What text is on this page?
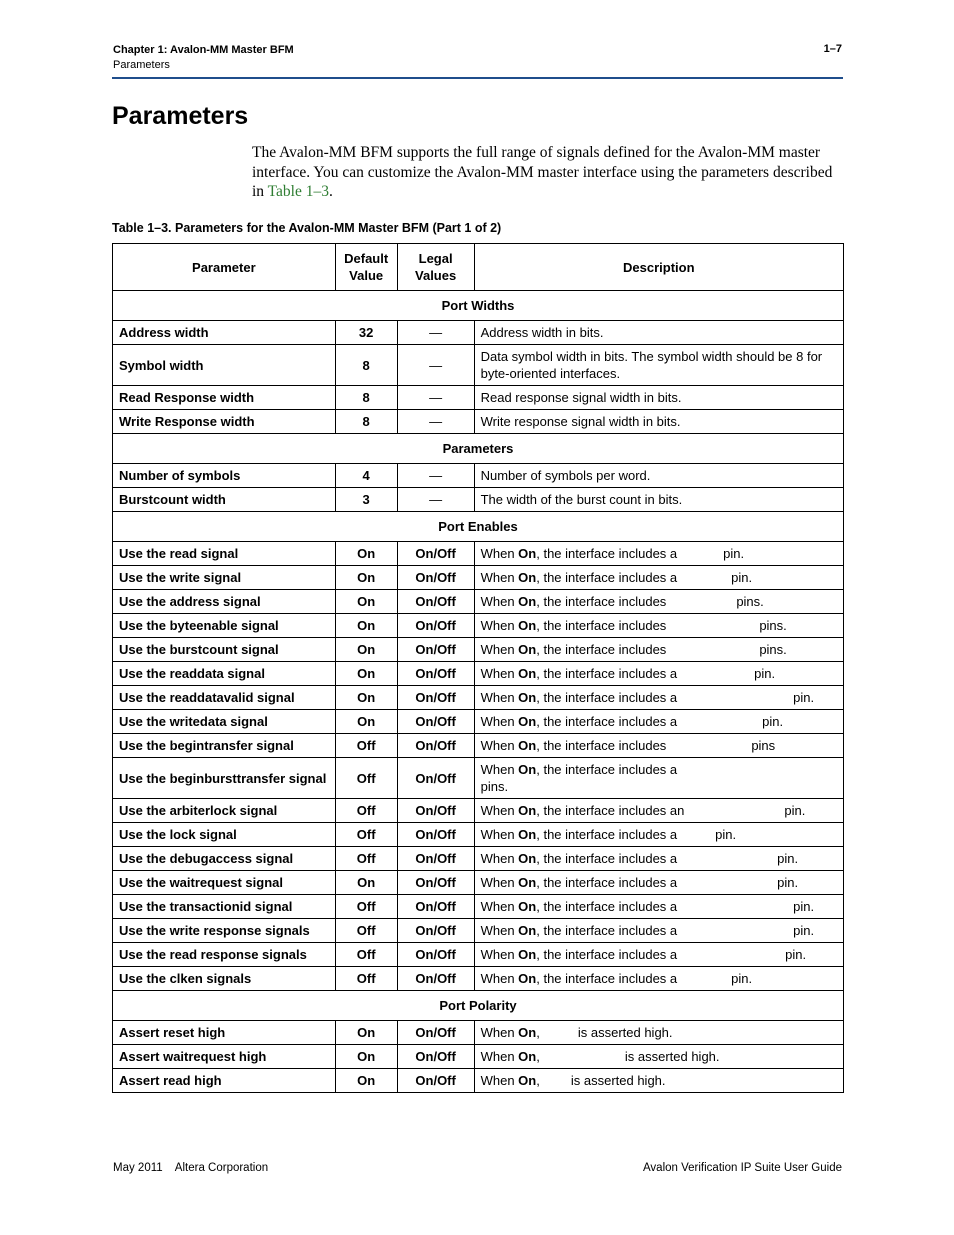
Chapter 1: Avalon-MM Master BFM
Parameters
1–7
Parameters
The Avalon-MM BFM supports the full range of signals defined for the Avalon-MM master interface. You can customize the Avalon-MM master interface using the parameters described in Table 1–3.
Table 1–3. Parameters for the Avalon-MM Master BFM (Part 1 of 2)
Parameter	Default Value	Legal Values	Description
Port Widths			
Address width	32	—	Address width in bits.
Symbol width	8	—	Data symbol width in bits. The symbol width should be 8 for byte-oriented interfaces.
Read Response width	8	—	Read response signal width in bits.
Write Response width	8	—	Write response signal width in bits.
Parameters			
Number of symbols	4	—	Number of symbols per word.
Burstcount width	3	—	The width of the burst count in bits.
Port Enables			
Use the read signal	On	On/Off	When On, the interface includes a pin.
Use the write signal	On	On/Off	When On, the interface includes a pin.
Use the address signal	On	On/Off	When On, the interface includes pins.
Use the byteenable signal	On	On/Off	When On, the interface includes pins.
Use the burstcount signal	On	On/Off	When On, the interface includes pins.
Use the readdata signal	On	On/Off	When On, the interface includes a pin.
Use the readdatavalid signal	On	On/Off	When On, the interface includes a pin.
Use the writedata signal	On	On/Off	When On, the interface includes a pin.
Use the begintransfer signal	Off	On/Off	When On, the interface includes pins
Use the beginbursttransfer signal	Off	On/Off	When On, the interface includes a
pins.
Use the arbiterlock signal	Off	On/Off	When On, the interface includes an pin.
Use the lock signal	Off	On/Off	When On, the interface includes a pin.
Use the debugaccess signal	Off	On/Off	When On, the interface includes a pin.
Use the waitrequest signal	On	On/Off	When On, the interface includes a pin.
Use the transactionid signal	Off	On/Off	When On, the interface includes a pin.
Use the write response signals	Off	On/Off	When On, the interface includes a pin.
Use the read response signals	Off	On/Off	When On, the interface includes a pin.
Use the clken signals	Off	On/Off	When On, the interface includes a pin.
Port Polarity			
Assert reset high	On	On/Off	When On, is asserted high.
Assert waitrequest high	On	On/Off	When On, is asserted high.
Assert read high	On	On/Off	When On, is asserted high.
May 2011    Altera Corporation	Avalon Verification IP Suite User Guide
